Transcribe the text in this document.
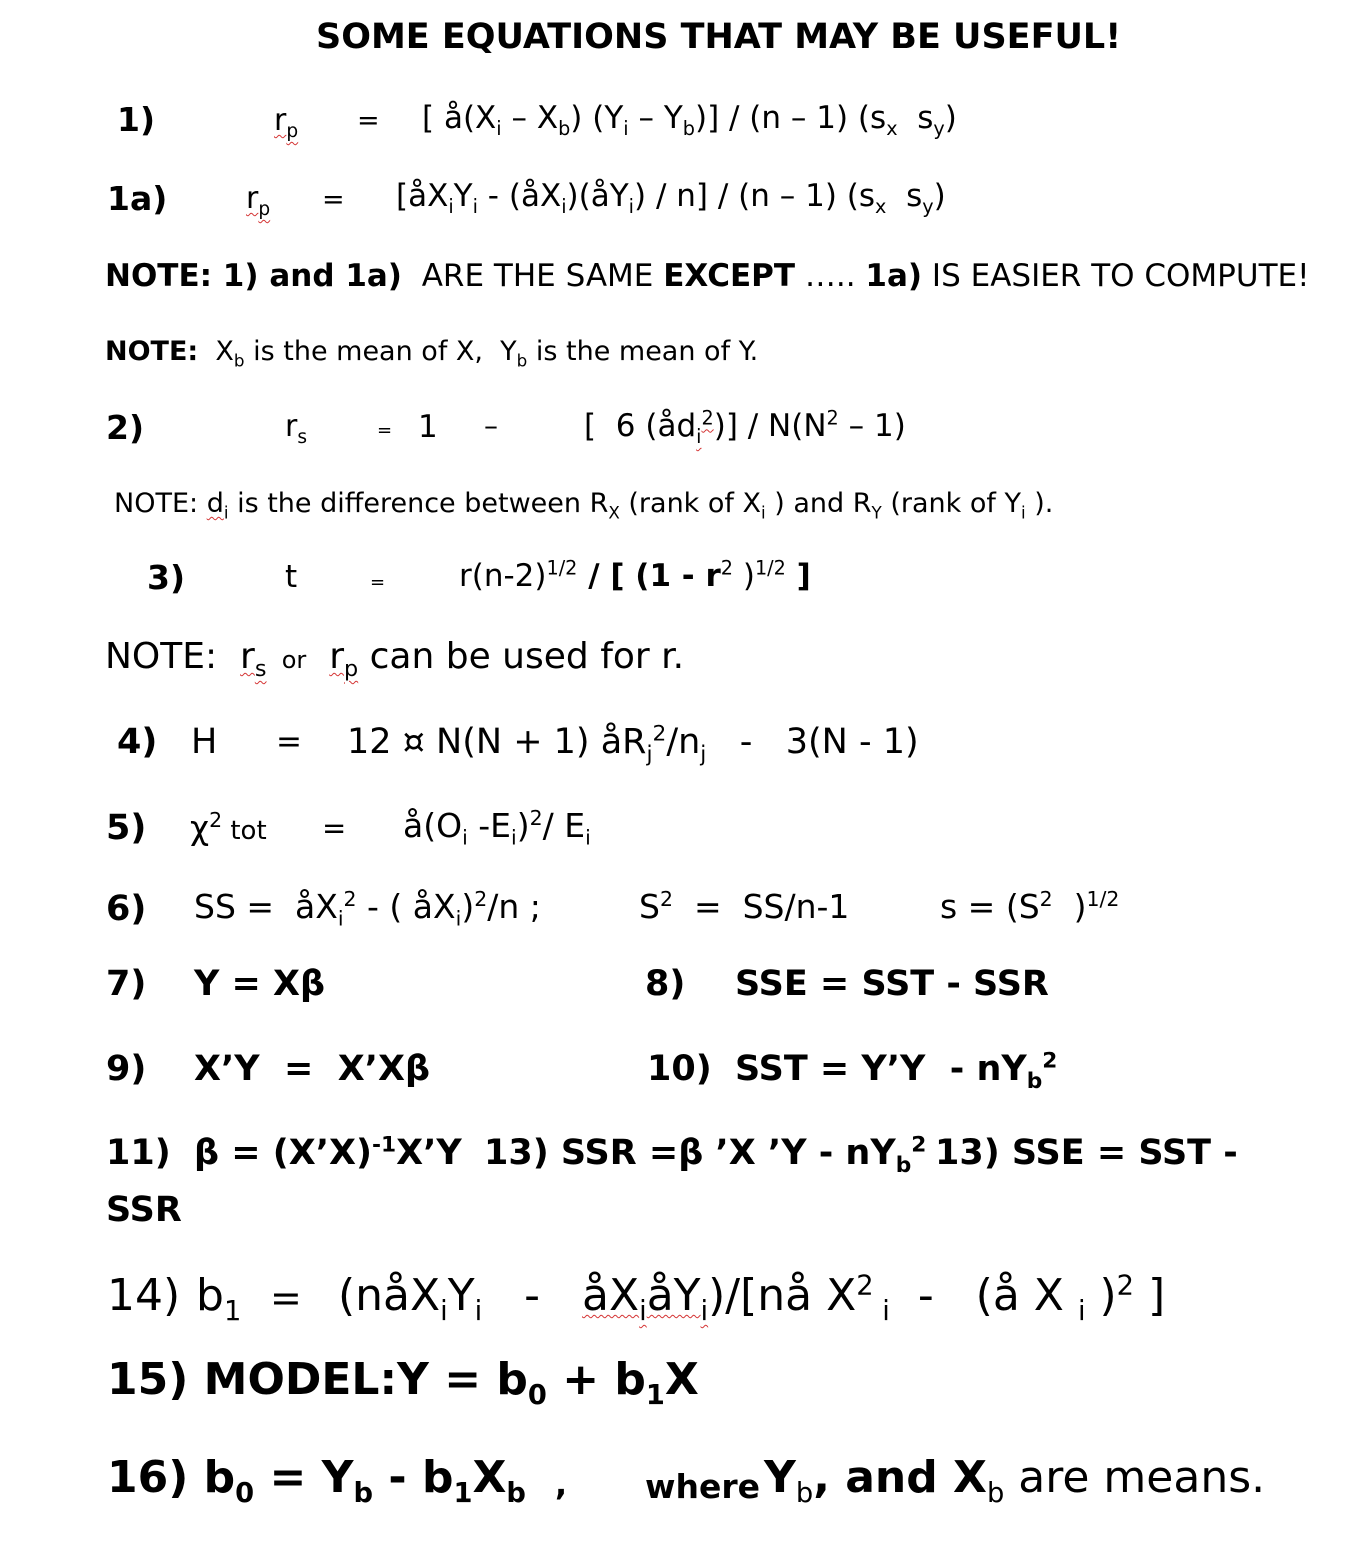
SOME EQUATIONS THAT MAY BE USEFUL!
1)	$r_p$ = [ $å(X_i - X_b)$ $(Y_i - Y_b)] / (n - 1)$ ($s_x$  $s_y$)
1a)	$r_p$ = [$åX_iY_i$ - $(åX_i)(åY_i) / n] / (n - 1)$ ($s_x$  $s_y$)
NOTE: 1) and 1a)  ARE THE SAME EXCEPT ….. 1a) IS EASIER TO COMPUTE!
NOTE: $X_b$ is the mean of X,  $Y_b$ is the mean of Y.
2)	$r_s$	= 1 –	[  6 $(åd_i^2)] / N(N^2 - 1)$
NOTE: $d_i$ is the difference between $R_X$ (rank of $X_i$ ) and $R_Y$ (rank of $Y_i$ ).
3)	t	= $r(n-2)^{1/2}$ / [ ($1 - r^2$ )$^{1/2}$ ]
NOTE: $r_s$ or $r_p$ can be used for r.
4) H = 12 ¤ N(N + 1) $åR_j^2/n_j - 3(N - 1)$
5) $\chi^2$ tot = $å(O_i$ $-E_i)^2/$ $E_i$
6) SS =  $åX_i^2$ - ( $åX_i)^2/n$ ;	$S^2 = SS/n-1$	$s = (S^2$  )$^{1/2}$
7) Y = Xβ	8) SSE = SST - SSR
9) X’Y  =  X’Xβ	10) SST = Y’Y  - $nY_b^2$
11) β = (X’X)$^{-1}$X’Y 13) SSR =β ’X ’Y - $nY_b^2$ 13) SSE = SST -
SSR
14) $b_1$ = ($nåX_iY_i$   -   $åX_iåY_i)/[nå$ $X^2$ $_i$  -   (å X $_i$ )$^2$ ]
15) MODEL:Y = $b_0 + b_1X$
16) $b_0 = Y_b - b_1X_b$ , where $Y_b$, and $X_b$ are means.
